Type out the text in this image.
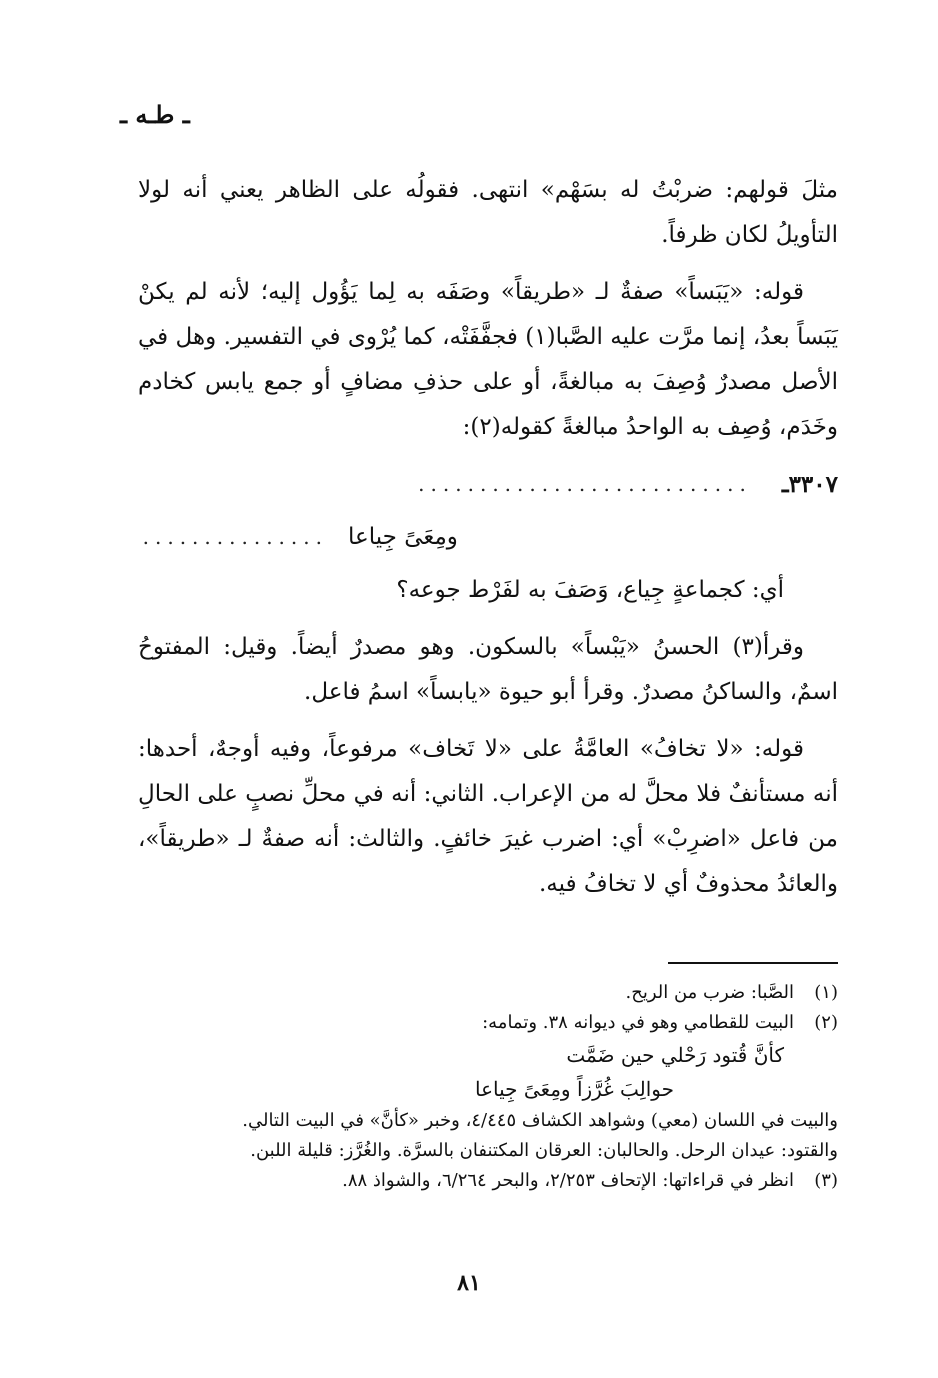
ـ طـه ـ

مثلَ قولهم: ضربْتُ له بسَهْم» انتهى. فقولُه على الظاهر يعني أنه لولا التأويلُ لكان ظرفاً.

قوله: «يَبَساً» صفةٌ لـ «طريقاً» وصَفَه به لِما يَؤُول إليه؛ لأنه لم يكنْ يَبَساً بعدُ، إنما مرَّت عليه الصَّبا(١) فجفَّفَتْه، كما يُرْوى في التفسير. وهل في الأصل مصدرٌ وُصِفَ به مبالغةً، أو على حذفِ مضافٍ أو جمع يابس كخادم وخَدَم، وُصِف به الواحدُ مبالغةً كقوله(٢):

٣٣٠٧ـ
...........................
ومِعَىً جِياعا
...............

أي: كجماعةٍ جِياع، وَصَفَ به لفَرْط جوعه؟

وقرأ(٣) الحسنُ «يَبْساً» بالسكون. وهو مصدرٌ أيضاً. وقيل: المفتوحُ اسمٌ، والساكنُ مصدرٌ. وقرأ أبو حيوة «يابساً» اسمُ فاعل.

قوله: «لا تخافُ» العامَّةُ على «لا تَخاف» مرفوعاً، وفيه أوجهٌ، أحدها: أنه مستأنفٌ فلا محلَّ له من الإعراب. الثاني: أنه في محلِّ نصبٍ على الحالِ من فاعل «اضرِبْ» أي: اضرب غيرَ خائفٍ. والثالث: أنه صفةٌ لـ «طريقاً»، والعائدُ محذوفٌ أي لا تخافُ فيه.

(١)
الصَّبا: ضرب من الريح.
(٢)
البيت للقطامي وهو في ديوانه ٣٨. وتمامه:
كأنَّ قُتود رَحْلي حين ضَمَّت
حوالِبَ غُرَّزاً ومِعَىً جِياعا
والبيت في اللسان (معي) وشواهد الكشاف ٤/٤٤٥، وخبر «كأنَّ» في البيت التالي.
والقتود: عيدان الرحل. والحالبان: العرقان المكتنفان بالسرَّة. والغُرَّز: قليلة اللبن.
(٣)
انظر في قراءاتها: الإتحاف ٢/٢٥٣، والبحر ٦/٢٦٤، والشواذ ٨٨.
٨١
